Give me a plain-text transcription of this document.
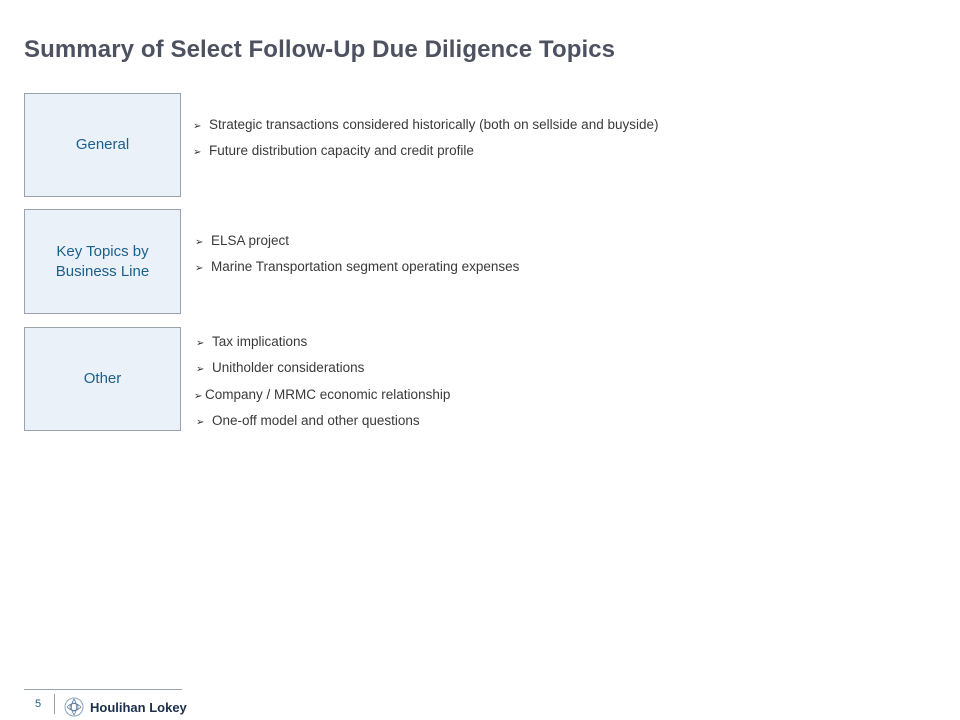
Summary of Select Follow-Up Due Diligence Topics
General
➢ Strategic transactions considered historically (both on sellside and buyside)
➢ Future distribution capacity and credit profile
Key Topics by Business Line
➢ ELSA project
➢ Marine Transportation segment operating expenses
Other
➢ Tax implications
➢ Unitholder considerations
➢ Company / MRMC economic relationship
➢ One-off model and other questions
5	Houlihan Lokey
